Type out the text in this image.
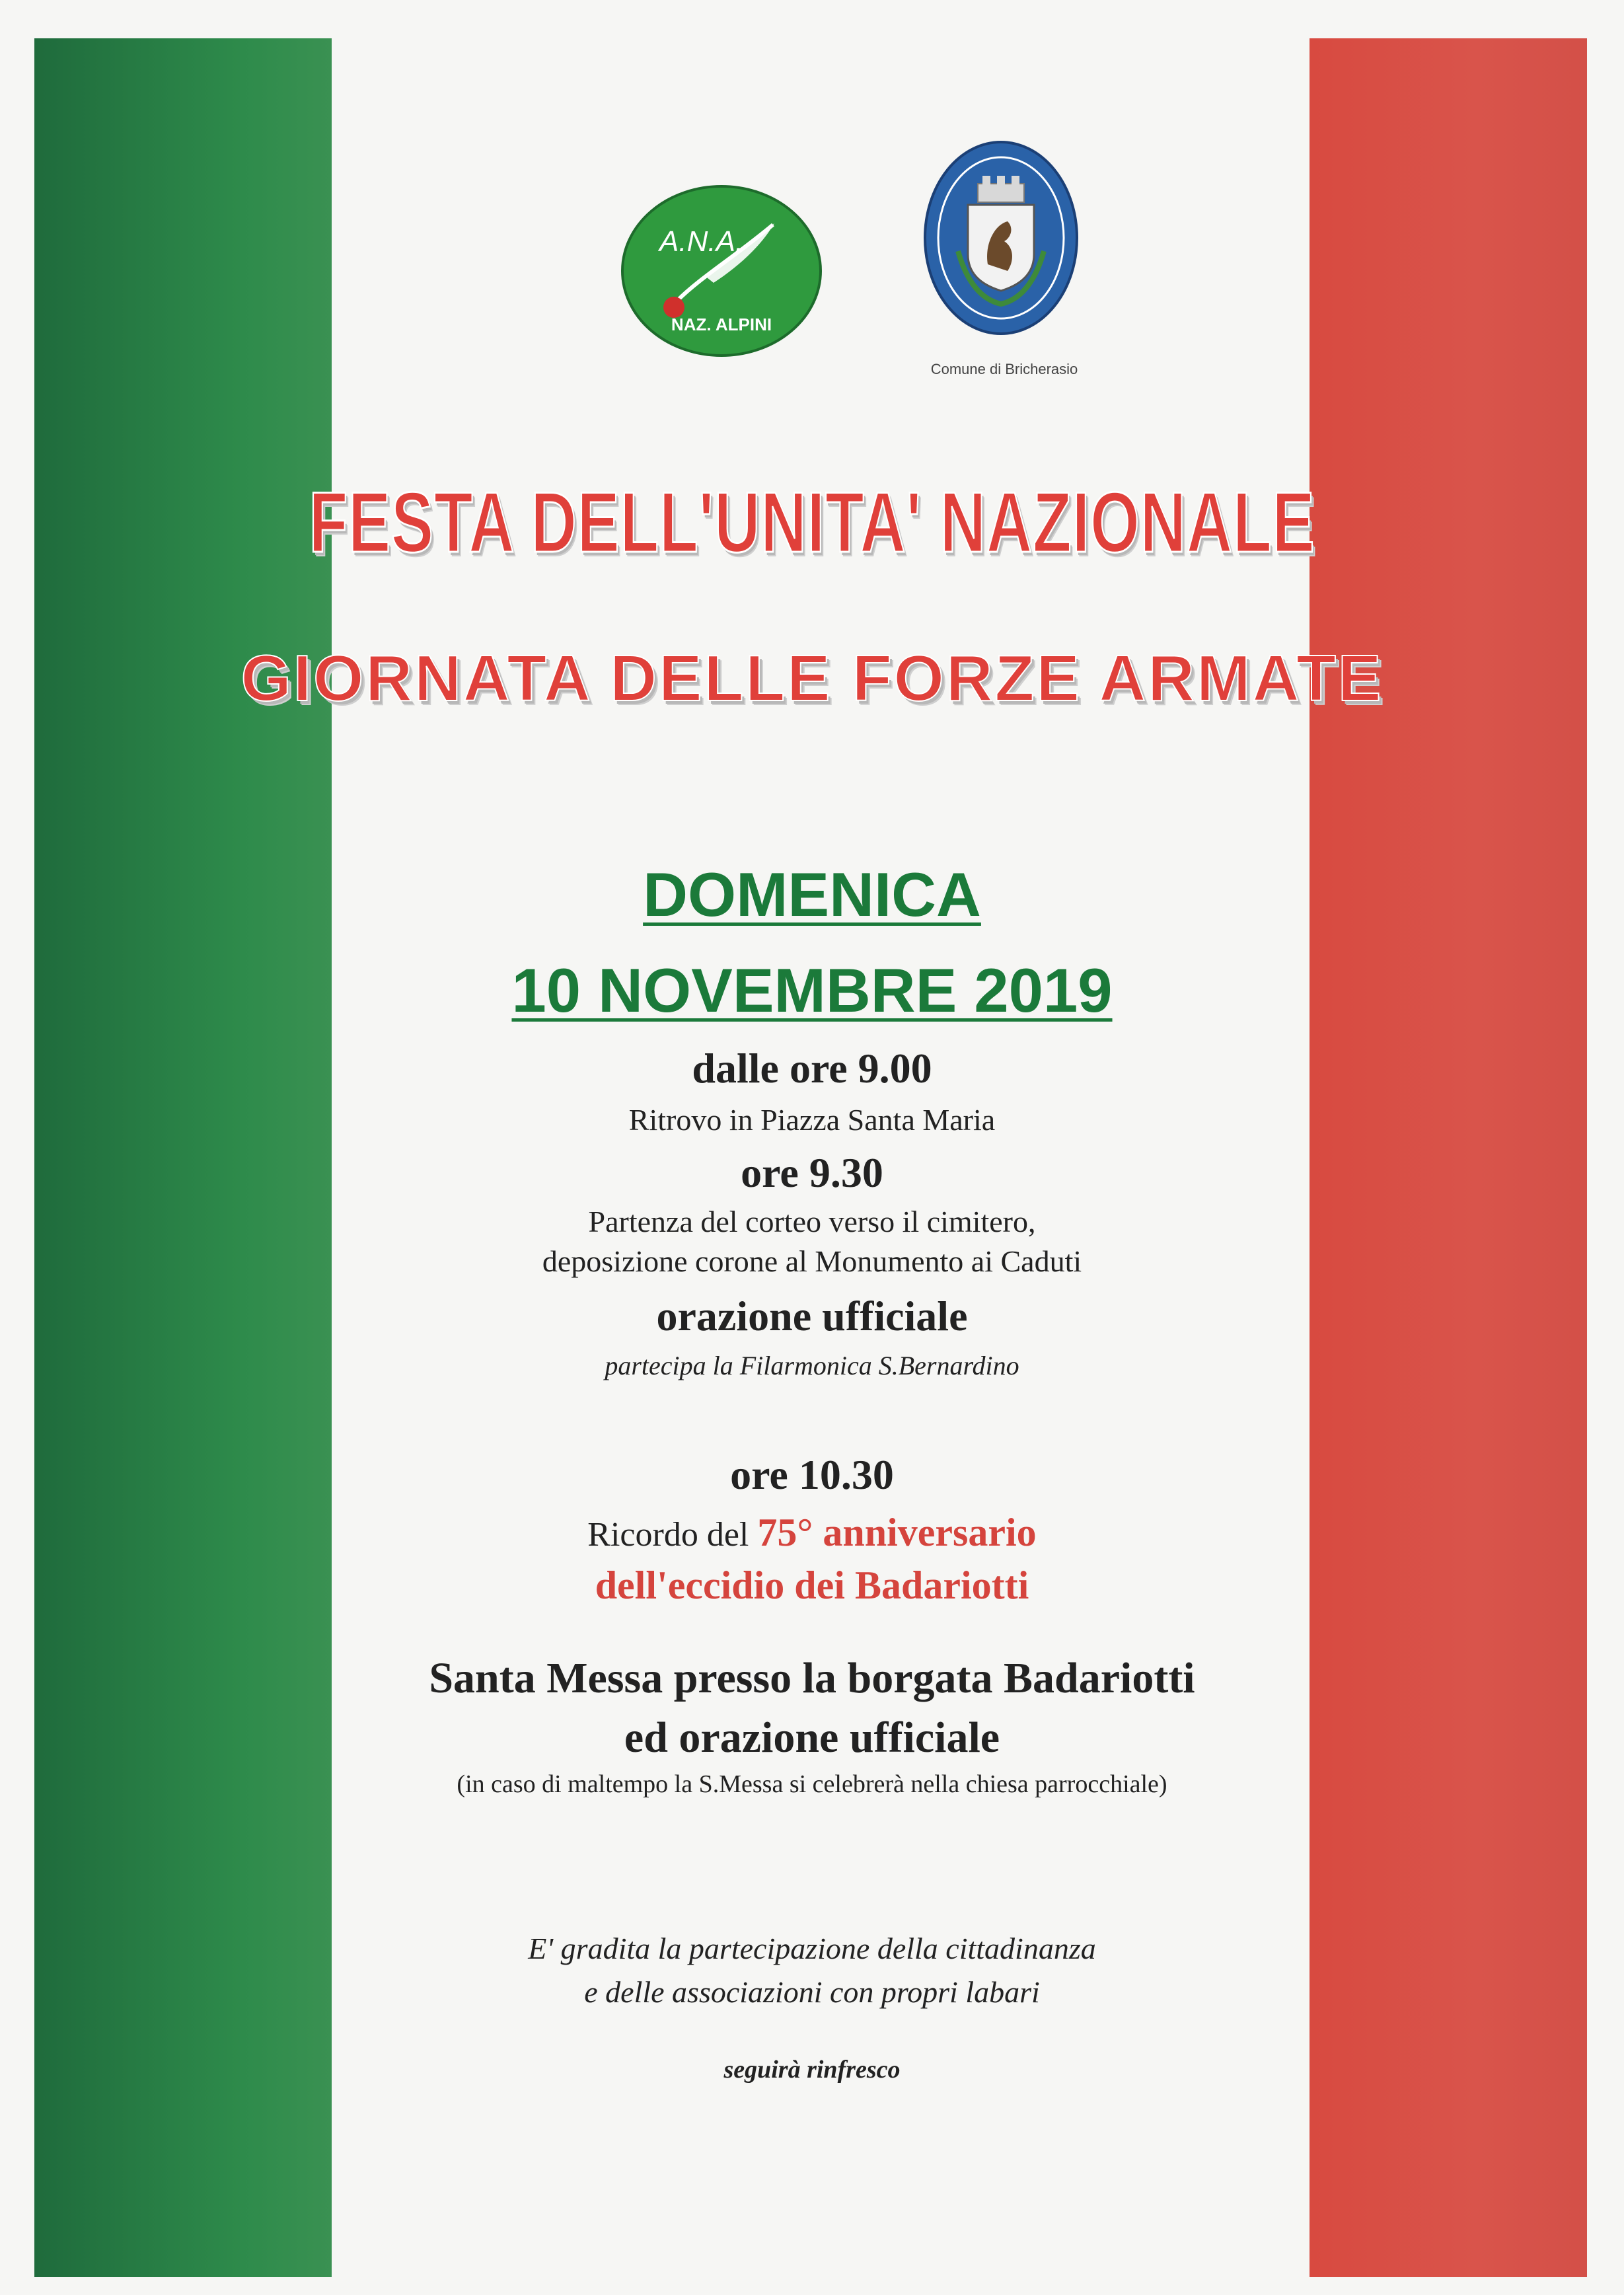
A.N.A.
NAZ. ALPINI
Comune di Bricherasio
FESTA DELL'UNITA' NAZIONALE
GIORNATA DELLE FORZE ARMATE
DOMENICA
10 NOVEMBRE 2019
dalle ore 9.00
Ritrovo in Piazza Santa Maria
ore 9.30
Partenza del corteo verso il cimitero,
deposizione corone al Monumento ai Caduti
orazione ufficiale
partecipa la Filarmonica S.Bernardino
ore 10.30
Ricordo del 75° anniversario
dell'eccidio dei Badariotti
Santa Messa presso la borgata Badariotti
ed orazione ufficiale
(in caso di maltempo la S.Messa si celebrerà nella chiesa parrocchiale)
E' gradita la partecipazione della cittadinanza
e delle associazioni con propri labari
seguirà rinfresco
